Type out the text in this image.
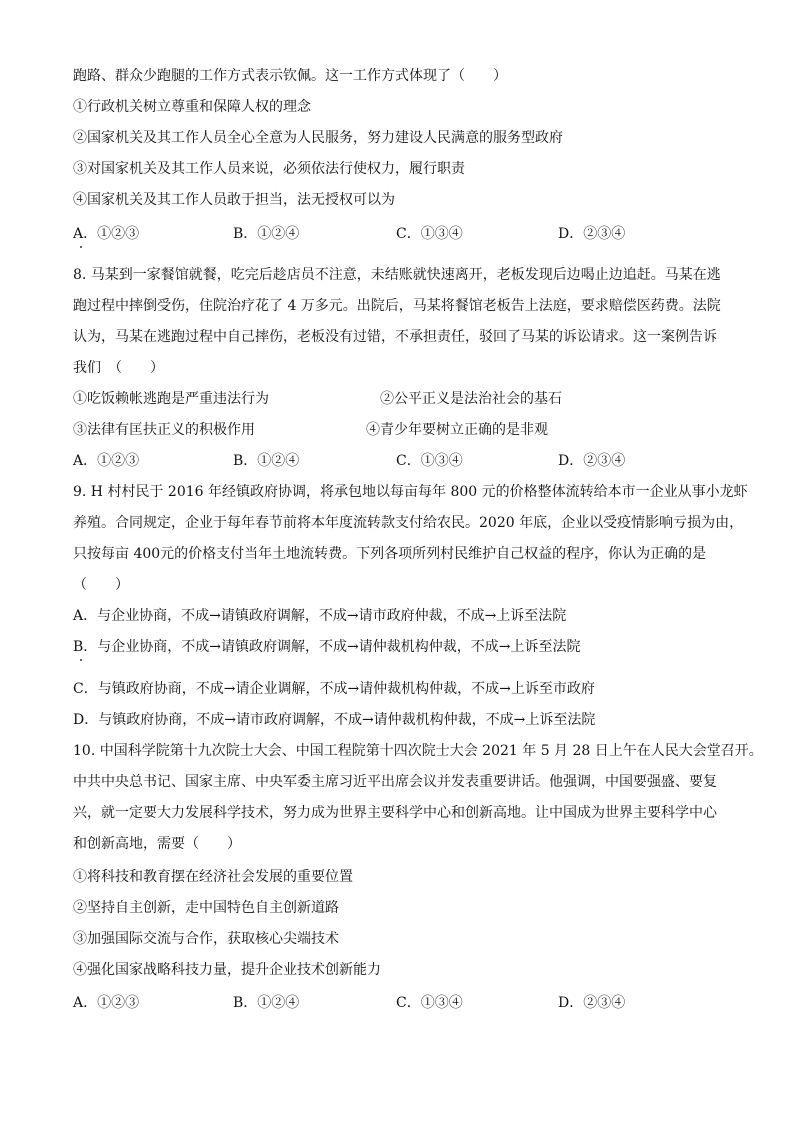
跑路、群众少跑腿的工作方式表示钦佩。这一工作方式体现了（　　）
①行政机关树立尊重和保障人权的理念
②国家机关及其工作人员全心全意为人民服务，努力建设人民满意的服务型政府
③对国家机关及其工作人员来说，必须依法行使权力，履行职责
④国家机关及其工作人员敢于担当，法无授权可以为
A．①②③	B．①②④	C．①③④	D．②③④
8. 马某到一家餐馆就餐，吃完后趁店员不注意，未结账就快速离开，老板发现后边喝止边追赶。马某在逃
跑过程中摔倒受伤，住院治疗花了 4 万多元。出院后，马某将餐馆老板告上法庭，要求赔偿医药费。法院
认为，马某在逃跑过程中自己摔伤，老板没有过错，不承担责任，驳回了马某的诉讼请求。这一案例告诉
我们　（　　）
①吃饭赖帐逃跑是严重违法行为	②公平正义是法治社会的基石
③法律有匡扶正义的积极作用	④青少年要树立正确的是非观
A．①②③	B．①②④	C．①③④	D．②③④
9. H 村村民于 2016 年经镇政府协调，将承包地以每亩每年 800 元的价格整体流转给本市一企业从事小龙虾
养殖。合同规定，企业于每年春节前将本年度流转款支付给农民。2020 年底，企业以受疫情影响亏损为由，
只按每亩 400元的价格支付当年土地流转费。下列各项所列村民维护自己权益的程序，你认为正确的是
（　　）
A．与企业协商，不成→请镇政府调解，不成→请市政府仲裁，不成→上诉至法院
B．与企业协商，不成→请镇政府调解，不成→请仲裁机构仲裁，不成→上诉至法院
C．与镇政府协商，不成→请企业调解，不成→请仲裁机构仲裁，不成→上诉至市政府
D．与镇政府协商，不成→请市政府调解，不成→请仲裁机构仲裁，不成→上诉至法院
10. 中国科学院第十九次院士大会、中国工程院第十四次院士大会 2021 年 5 月 28 日上午在人民大会堂召开。
中共中央总书记、国家主席、中央军委主席习近平出席会议并发表重要讲话。他强调，中国要强盛、要复
兴，就一定要大力发展科学技术，努力成为世界主要科学中心和创新高地。让中国成为世界主要科学中心
和创新高地，需要（　　）
①将科技和教育摆在经济社会发展的重要位置
②坚持自主创新，走中国特色自主创新道路
③加强国际交流与合作，获取核心尖端技术
④强化国家战略科技力量，提升企业技术创新能力
A．①②③	B．①②④	C．①③④	D．②③④
